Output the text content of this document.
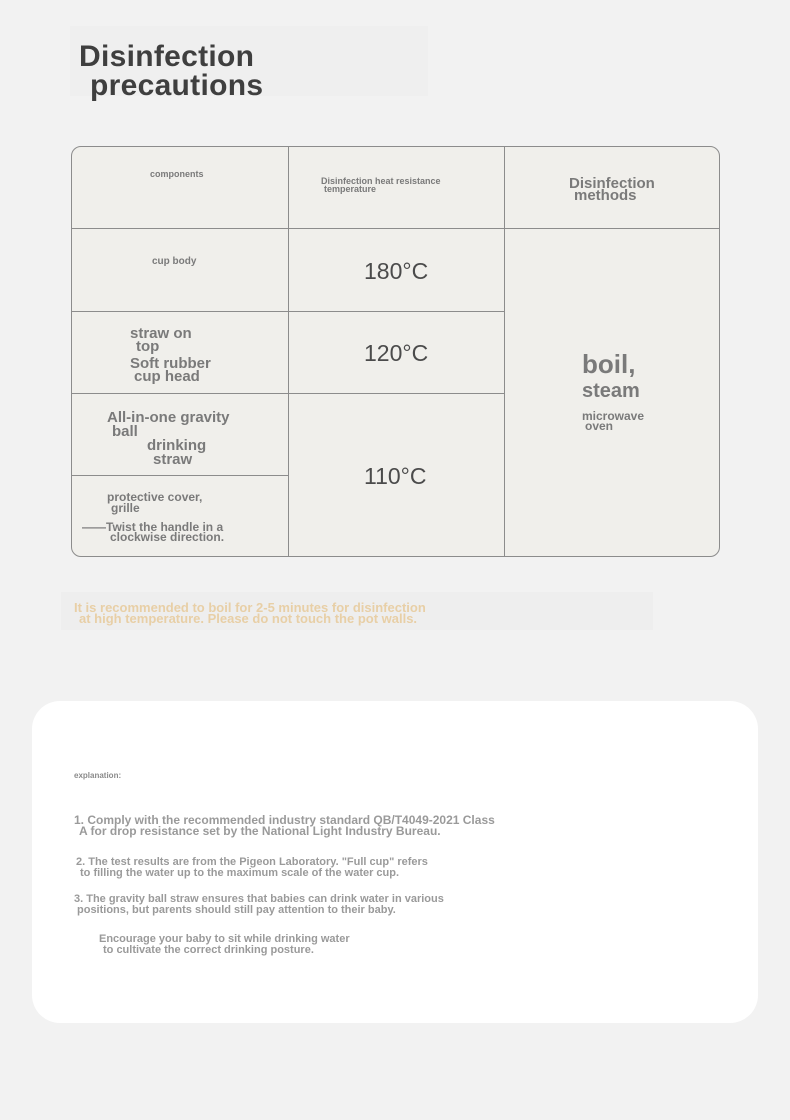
Disinfection
precautions
components
Disinfection heat resistance
temperature	Disinfection
methods
cup body	180°C
straw on
top
Soft rubber
cup head
120°C
All-in-one gravity
ball
drinking
straw
110°C
protective cover,
grille
——Twist the handle in a
clockwise direction.
boil,
steam
microwave
oven
It is recommended to boil for 2-5 minutes for disinfection
at high temperature. Please do not touch the pot walls.
explanation:
1. Comply with the recommended industry standard QB/T4049-2021 Class
A for drop resistance set by the National Light Industry Bureau.
2. The test results are from the Pigeon Laboratory. "Full cup" refers
to filling the water up to the maximum scale of the water cup.
3. The gravity ball straw ensures that babies can drink water in various
positions, but parents should still pay attention to their baby.
Encourage your baby to sit while drinking water
to cultivate the correct drinking posture.
